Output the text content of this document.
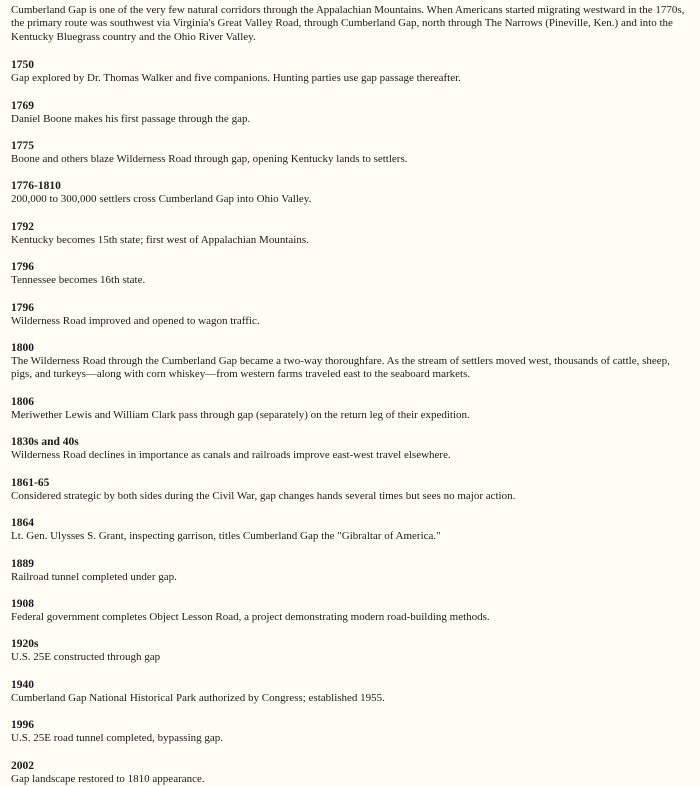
Cumberland Gap is one of the very few natural corridors through the Appalachian Mountains. When Americans started migrating westward in the 1770s, the primary route was southwest via Virginia's Great Valley Road, through Cumberland Gap, north through The Narrows (Pineville, Ken.) and into the Kentucky Bluegrass country and the Ohio River Valley.

1750
Gap explored by Dr. Thomas Walker and five companions. Hunting parties use gap passage thereafter.
1769
Daniel Boone makes his first passage through the gap.
1775
Boone and others blaze Wilderness Road through gap, opening Kentucky lands to settlers.
1776-1810
200,000 to 300,000 settlers cross Cumberland Gap into Ohio Valley.
1792
Kentucky becomes 15th state; first west of Appalachian Mountains.
1796
Tennessee becomes 16th state.
1796
Wilderness Road improved and opened to wagon traffic.
1800
The Wilderness Road through the Cumberland Gap became a two-way thoroughfare. As the stream of settlers moved west, thousands of cattle, sheep, pigs, and turkeys—along with corn whiskey—from western farms traveled east to the seaboard markets.
1806
Meriwether Lewis and William Clark pass through gap (separately) on the return leg of their expedition.
1830s and 40s
Wilderness Road declines in importance as canals and railroads improve east-west travel elsewhere.
1861-65
Considered strategic by both sides during the Civil War, gap changes hands several times but sees no major action.
1864
Lt. Gen. Ulysses S. Grant, inspecting garrison, titles Cumberland Gap the "Gibraltar of America."
1889
Railroad tunnel completed under gap.
1908
Federal government completes Object Lesson Road, a project demonstrating modern road-building methods.
1920s
U.S. 25E constructed through gap
1940
Cumberland Gap National Historical Park authorized by Congress; established 1955.
1996
U.S. 25E road tunnel completed, bypassing gap.
2002
Gap landscape restored to 1810 appearance.
